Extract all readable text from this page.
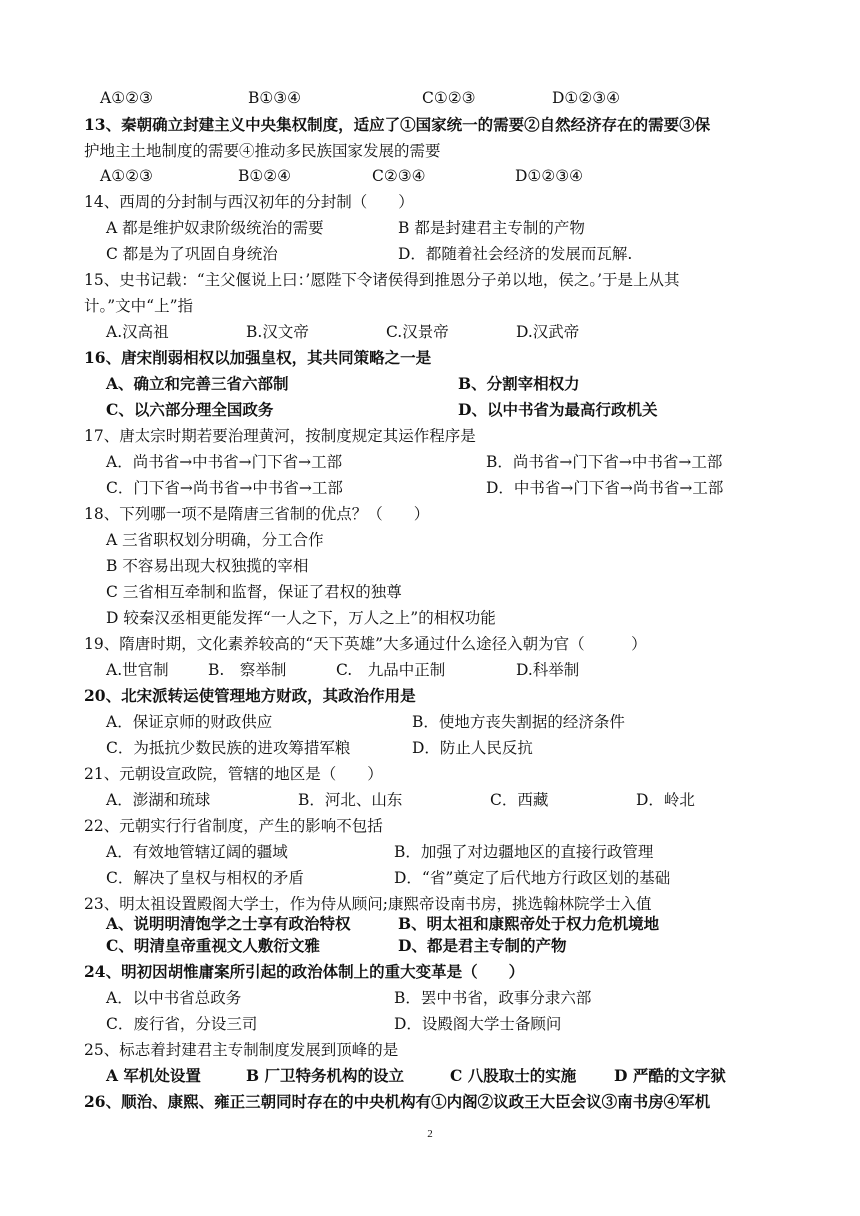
A①②③	B①③④	C①②③	D①②③④
13、秦朝确立封建主义中央集权制度，适应了①国家统一的需要②自然经济存在的需要③保
护地主土地制度的需要④推动多民族国家发展的需要
A①②③	B①②④	C②③④	D①②③④
14、西周的分封制与西汉初年的分封制（　　）
A 都是维护奴隶阶级统治的需要	B 都是封建君主专制的产物
C 都是为了巩固自身统治	D．都随着社会经济的发展而瓦解.
15、史书记载：“主父偃说上曰：’愿陛下令诸侯得到推恩分子弟以地，侯之。’于是上从其
计。”文中“上”指
A.汉高祖	B.汉文帝	C.汉景帝	D.汉武帝
16、唐宋削弱相权以加强皇权，其共同策略之一是
A、确立和完善三省六部制	B、分割宰相权力
C、以六部分理全国政务	D、以中书省为最高行政机关
17、唐太宗时期若要治理黄河，按制度规定其运作程序是
A．尚书省→中书省→门下省→工部	B．尚书省→门下省→中书省→工部
C．门下省→尚书省→中书省→工部	D．中书省→门下省→尚书省→工部
18、下列哪一项不是隋唐三省制的优点？（　　）
A 三省职权划分明确，分工合作
B 不容易出现大权独揽的宰相
C 三省相互牵制和监督，保证了君权的独尊
D 较秦汉丞相更能发挥“一人之下，万人之上”的相权功能
19、隋唐时期，文化素养较高的“天下英雄”大多通过什么途径入朝为官（　　　）
A.世官制	B.　察举制	C.　九品中正制	D.科举制
20、北宋派转运使管理地方财政，其政治作用是
A．保证京师的财政供应	B．使地方丧失割据的经济条件
C．为抵抗少数民族的进攻筹措军粮	D．防止人民反抗
21、元朝设宣政院，管辖的地区是（　　）
A．澎湖和琉球	B．河北、山东	C．西藏	D．岭北
22、元朝实行行省制度，产生的影响不包括
A．有效地管辖辽阔的疆域	B．加强了对边疆地区的直接行政管理
C．解决了皇权与相权的矛盾	D．“省”奠定了后代地方行政区划的基础
23、明太祖设置殿阁大学士，作为侍从顾问;康熙帝设南书房，挑选翰林院学士入值
A、说明明清饱学之士享有政治特权	B、明太祖和康熙帝处于权力危机境地
C、明清皇帝重视文人敷衍文雅	D、都是君主专制的产物
24、明初因胡惟庸案所引起的政治体制上的重大变革是（　　）
A．以中书省总政务	B．罢中书省，政事分隶六部
C．废行省，分设三司	D．设殿阁大学士备顾问
25、标志着封建君主专制制度发展到顶峰的是
A 军机处设置	B 厂卫特务机构的设立	C 八股取士的实施 D 严酷的文字狱
26、顺治、康熙、雍正三朝同时存在的中央机构有①内阁②议政王大臣会议③南书房④军机
2
